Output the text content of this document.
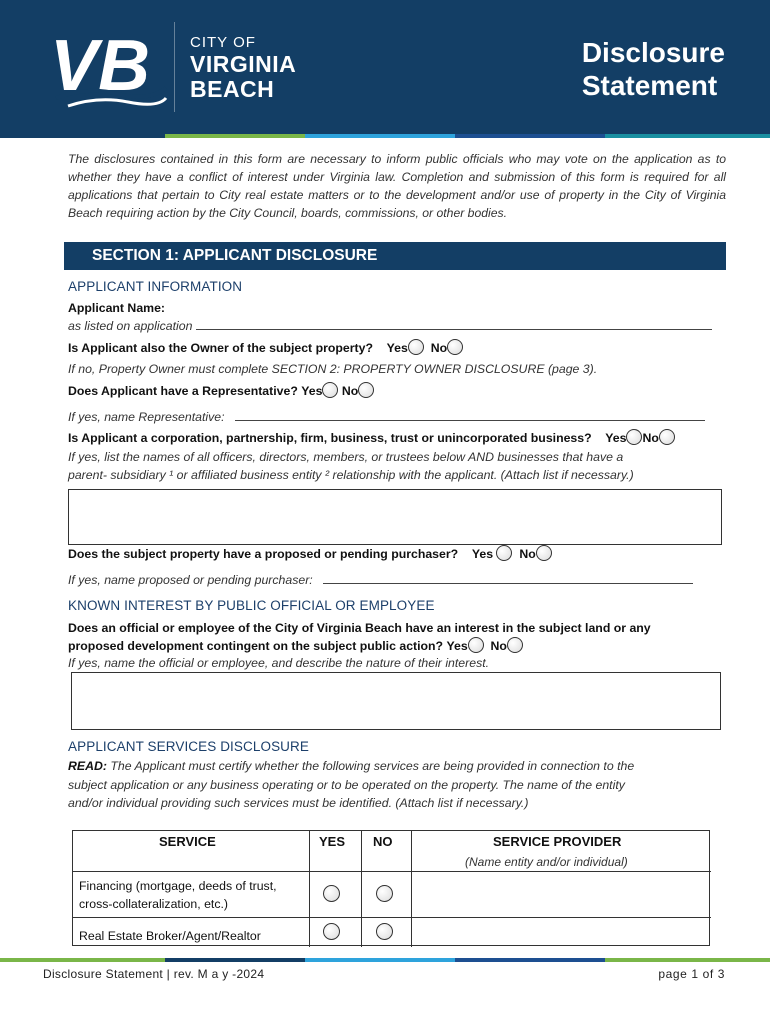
VB	CITY OF
VIRGINIA
BEACH
Disclosure
Statement
The disclosures contained in this form are necessary to inform public officials who may vote on the application as to whether they have a conflict of interest under Virginia law. Completion and submission of this form is required for all applications that pertain to City real estate matters or to the development and/or use of property in the City of Virginia Beach requiring action by the City Council, boards, commissions, or other bodies.
SECTION 1: APPLICANT DISCLOSURE
APPLICANT INFORMATION
Applicant Name:
as listed on application
Is Applicant also the Owner of the subject property? Yes No
If no, Property Owner must complete SECTION 2: PROPERTY OWNER DISCLOSURE (page 3).
Does Applicant have a Representative? Yes No
If yes, name Representative:
Is Applicant a corporation, partnership, firm, business, trust or unincorporated business? Yes No
If yes, list the names of all officers, directors, members, or trustees below AND businesses that have a
parent- subsidiary ¹ or affiliated business entity ² relationship with the applicant. (Attach list if necessary.)
Does the subject property have a proposed or pending purchaser? Yes No
If yes, name proposed or pending purchaser:
KNOWN INTEREST BY PUBLIC OFFICIAL OR EMPLOYEE
Does an official or employee of the City of Virginia Beach have an interest in the subject land or any
proposed development contingent on the subject public action? Yes No
If yes, name the official or employee, and describe the nature of their interest.
APPLICANT SERVICES DISCLOSURE
READ: The Applicant must certify whether the following services are being provided in connection to the
subject application or any business operating or to be operated on the property. The name of the entity
and/or individual providing such services must be identified. (Attach list if necessary.)
SERVICE	YES NO	SERVICE PROVIDER
(Name entity and/or individual)
Financing (mortgage, deeds of trust,
cross-collateralization, etc.)
Real Estate Broker/Agent/Realtor
Disclosure Statement | rev. M a y -2024	page 1 of 3
